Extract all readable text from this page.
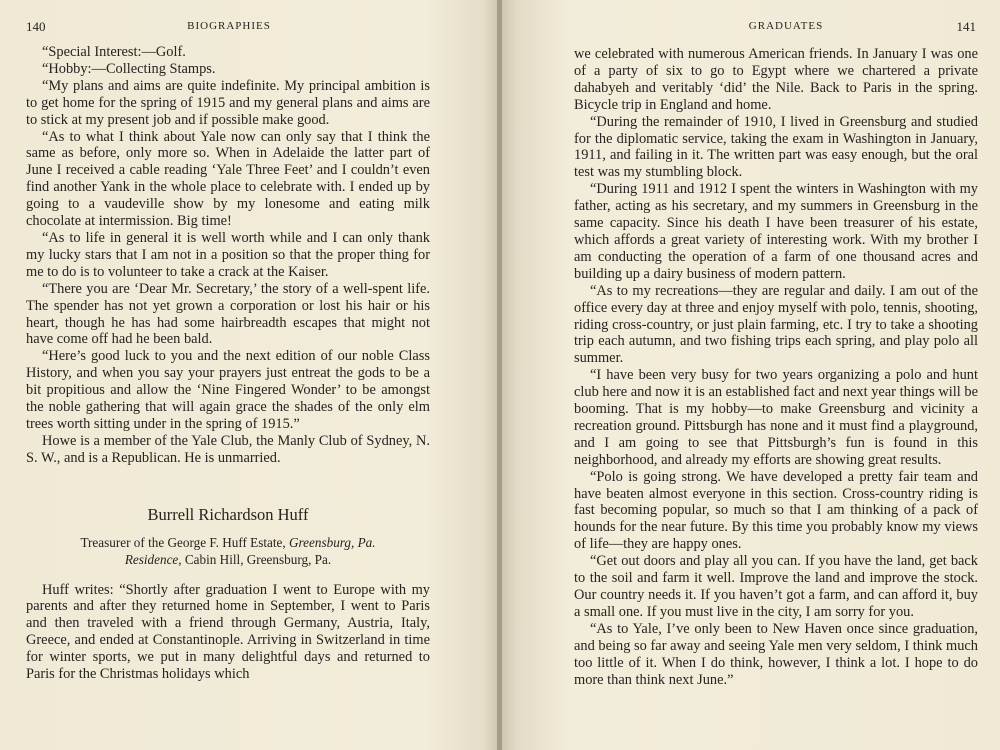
140	BIOGRAPHIES

“Special Interest:—Golf.

“Hobby:—Collecting Stamps.

“My plans and aims are quite indefinite. My principal ambition is to get home for the spring of 1915 and my general plans and aims are to stick at my present job and if possible make good.

“As to what I think about Yale now can only say that I think the same as before, only more so. When in Adelaide the latter part of June I received a cable reading ‘Yale Three Feet’ and I couldn’t even find another Yank in the whole place to celebrate with. I ended up by going to a vaudeville show by my lonesome and eating milk chocolate at intermission. Big time!

“As to life in general it is well worth while and I can only thank my lucky stars that I am not in a position so that the proper thing for me to do is to volunteer to take a crack at the Kaiser.

“There you are ‘Dear Mr. Secretary,’ the story of a well-spent life. The spender has not yet grown a corporation or lost his hair or his heart, though he has had some hairbreadth escapes that might not have come off had he been bald.

“Here’s good luck to you and the next edition of our noble Class History, and when you say your prayers just entreat the gods to be a bit propitious and allow the ‘Nine Fingered Wonder’ to be amongst the noble gathering that will again grace the shades of the only elm trees worth sitting under in the spring of 1915.”

Howe is a member of the Yale Club, the Manly Club of Sydney, N. S. W., and is a Republican. He is unmarried.

Burrell Richardson Huff
Treasurer of the George F. Huff Estate, Greensburg, Pa.
Residence, Cabin Hill, Greensburg, Pa.

Huff writes: “Shortly after graduation I went to Europe with my parents and after they returned home in September, I went to Paris and then traveled with a friend through Germany, Austria, Italy, Greece, and ended at Constantinople. Arriving in Switzerland in time for winter sports, we put in many delightful days and returned to Paris for the Christmas holidays which

GRADUATES	141

we celebrated with numerous American friends. In January I was one of a party of six to go to Egypt where we chartered a private dahabyeh and veritably ‘did’ the Nile. Back to Paris in the spring. Bicycle trip in England and home.

“During the remainder of 1910, I lived in Greensburg and studied for the diplomatic service, taking the exam in Washington in January, 1911, and failing in it. The written part was easy enough, but the oral test was my stumbling block.

“During 1911 and 1912 I spent the winters in Washington with my father, acting as his secretary, and my summers in Greensburg in the same capacity. Since his death I have been treasurer of his estate, which affords a great variety of interesting work. With my brother I am conducting the operation of a farm of one thousand acres and building up a dairy business of modern pattern.

“As to my recreations—they are regular and daily. I am out of the office every day at three and enjoy myself with polo, tennis, shooting, riding cross-country, or just plain farming, etc. I try to take a shooting trip each autumn, and two fishing trips each spring, and play polo all summer.

“I have been very busy for two years organizing a polo and hunt club here and now it is an established fact and next year things will be booming. That is my hobby—to make Greensburg and vicinity a recreation ground. Pittsburgh has none and it must find a playground, and I am going to see that Pittsburgh’s fun is found in this neighborhood, and already my efforts are showing great results.

“Polo is going strong. We have developed a pretty fair team and have beaten almost everyone in this section. Cross-country riding is fast becoming popular, so much so that I am thinking of a pack of hounds for the near future. By this time you probably know my views of life—they are happy ones.

“Get out doors and play all you can. If you have the land, get back to the soil and farm it well. Improve the land and improve the stock. Our country needs it. If you haven’t got a farm, and can afford it, buy a small one. If you must live in the city, I am sorry for you.

“As to Yale, I’ve only been to New Haven once since graduation, and being so far away and seeing Yale men very seldom, I think much too little of it. When I do think, however, I think a lot. I hope to do more than think next June.”
